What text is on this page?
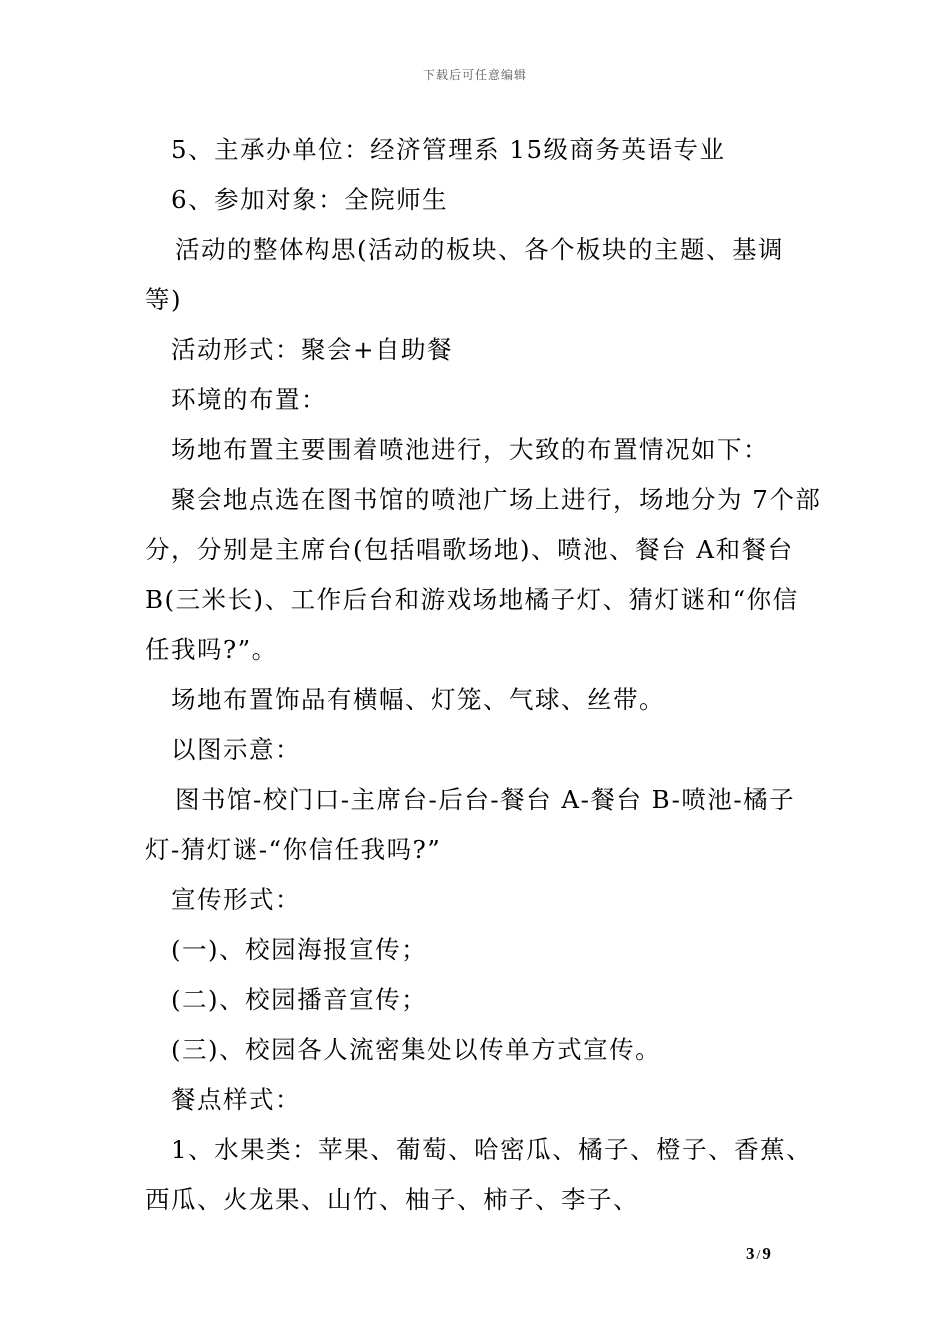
下载后可任意编辑

5、主承办单位：经济管理系 15级商务英语专业

6、参加对象：全院师生

活动的整体构思(活动的板块、各个板块的主题、基调

等)

活动形式：聚会+自助餐

环境的布置：

场地布置主要围着喷池进行，大致的布置情况如下：

聚会地点选在图书馆的喷池广场上进行，场地分为 7个部

分，分别是主席台(包括唱歌场地)、喷池、餐台 A和餐台

B(三米长)、工作后台和游戏场地橘子灯、猜灯谜和“你信

任我吗?”。

场地布置饰品有横幅、灯笼、气球、丝带。

以图示意：

图书馆-校门口-主席台-后台-餐台 A-餐台 B-喷池-橘子

灯-猜灯谜-“你信任我吗?”

宣传形式：

(一)、校园海报宣传；

(二)、校园播音宣传；

(三)、校园各人流密集处以传单方式宣传。

餐点样式：

1、水果类：苹果、葡萄、哈密瓜、橘子、橙子、香蕉、

西瓜、火龙果、山竹、柚子、柿子、李子、

3 / 9
